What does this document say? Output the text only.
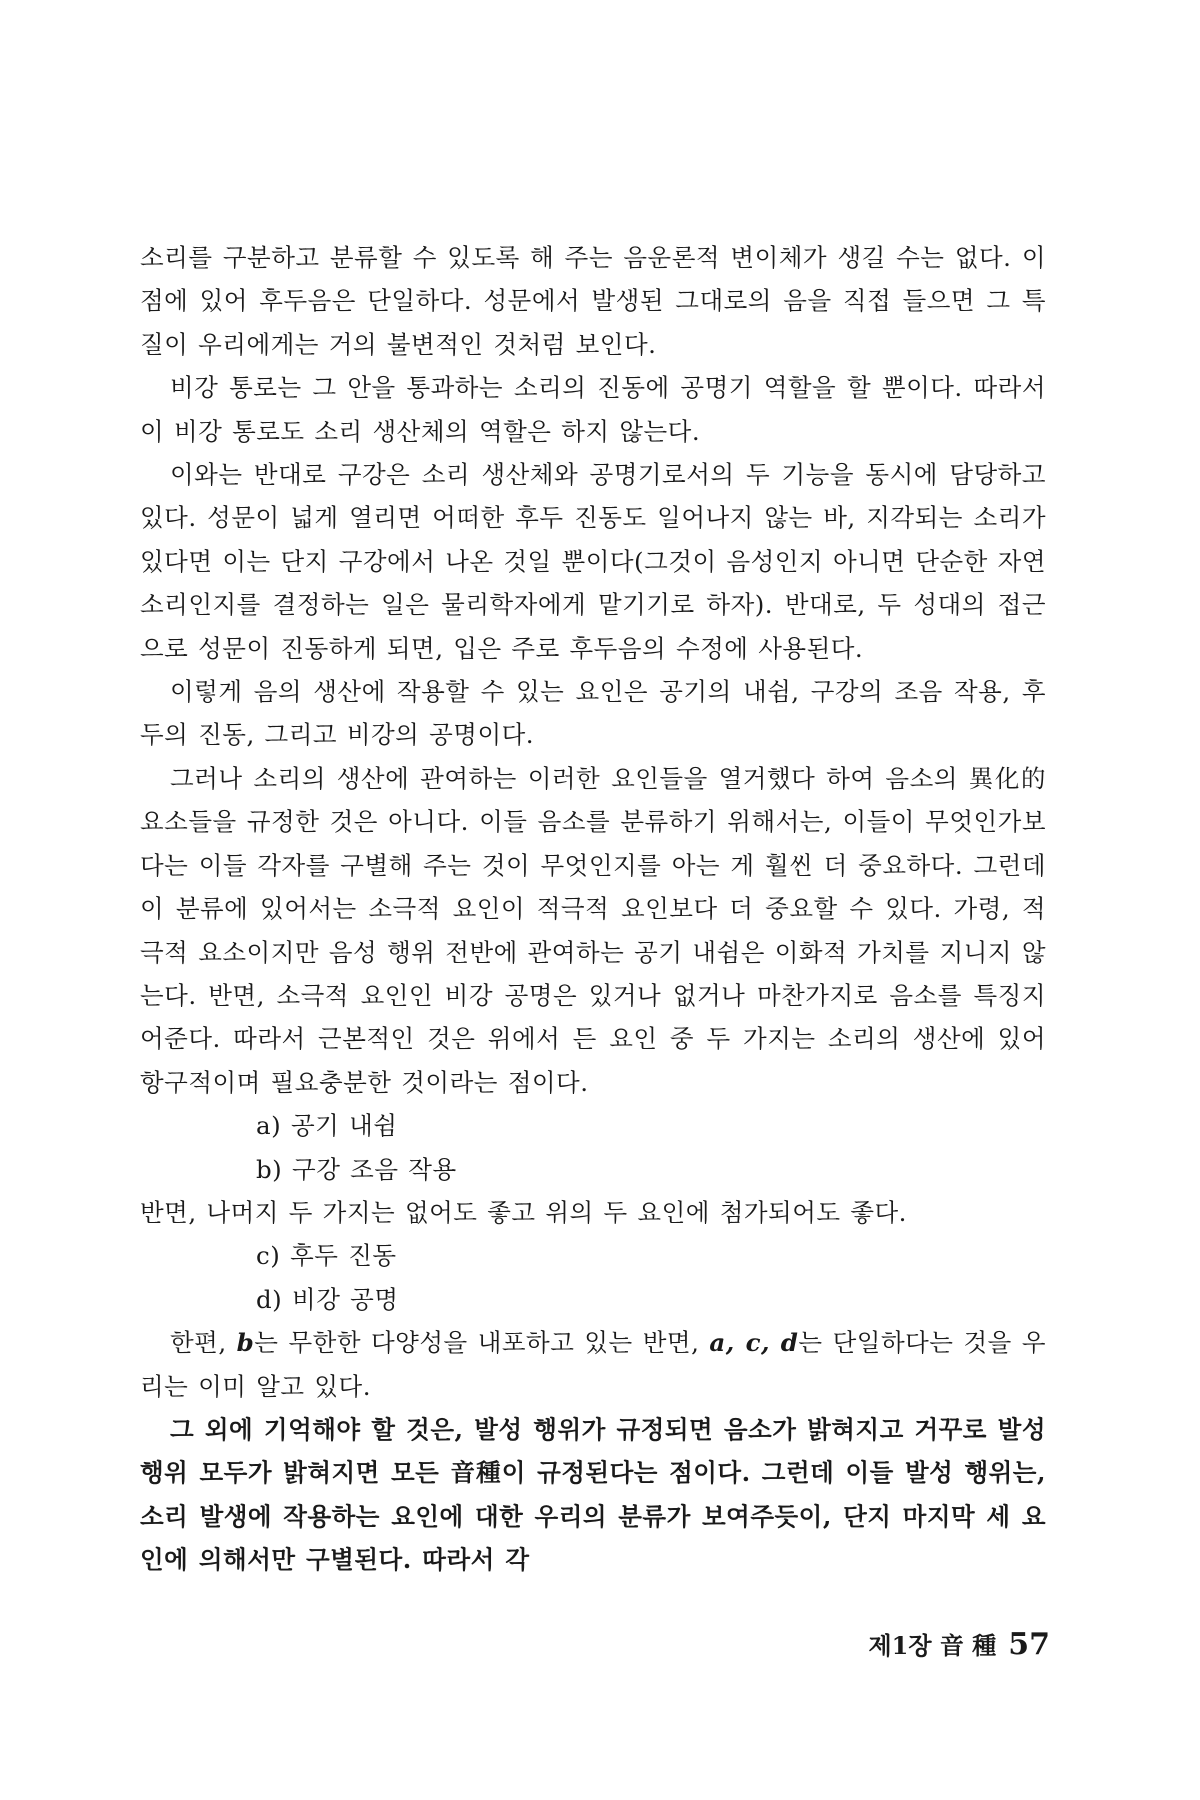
소리를 구분하고 분류할 수 있도록 해 주는 음운론적 변이체가 생길 수는 없다. 이 점에 있어 후두음은 단일하다. 성문에서 발생된 그대로의 음을 직접 들으면 그 특질이 우리에게는 거의 불변적인 것처럼 보인다.

비강 통로는 그 안을 통과하는 소리의 진동에 공명기 역할을 할 뿐이다. 따라서 이 비강 통로도 소리 생산체의 역할은 하지 않는다.

이와는 반대로 구강은 소리 생산체와 공명기로서의 두 기능을 동시에 담당하고 있다. 성문이 넓게 열리면 어떠한 후두 진동도 일어나지 않는 바, 지각되는 소리가 있다면 이는 단지 구강에서 나온 것일 뿐이다(그것이 음성인지 아니면 단순한 자연 소리인지를 결정하는 일은 물리학자에게 맡기기로 하자). 반대로, 두 성대의 접근으로 성문이 진동하게 되면, 입은 주로 후두음의 수정에 사용된다.

이렇게 음의 생산에 작용할 수 있는 요인은 공기의 내쉼, 구강의 조음 작용, 후두의 진동, 그리고 비강의 공명이다.

그러나 소리의 생산에 관여하는 이러한 요인들을 열거했다 하여 음소의 異化的 요소들을 규정한 것은 아니다. 이들 음소를 분류하기 위해서는, 이들이 무엇인가보다는 이들 각자를 구별해 주는 것이 무엇인지를 아는 게 훨씬 더 중요하다. 그런데 이 분류에 있어서는 소극적 요인이 적극적 요인보다 더 중요할 수 있다. 가령, 적극적 요소이지만 음성 행위 전반에 관여하는 공기 내쉼은 이화적 가치를 지니지 않는다. 반면, 소극적 요인인 비강 공명은 있거나 없거나 마찬가지로 음소를 특징지어준다. 따라서 근본적인 것은 위에서 든 요인 중 두 가지는 소리의 생산에 있어 항구적이며 필요충분한 것이라는 점이다.

a) 공기 내쉼

b) 구강 조음 작용

반면, 나머지 두 가지는 없어도 좋고 위의 두 요인에 첨가되어도 좋다.

c) 후두 진동

d) 비강 공명

한편, b는 무한한 다양성을 내포하고 있는 반면, a, c, d는 단일하다는 것을 우리는 이미 알고 있다.

그 외에 기억해야 할 것은, 발성 행위가 규정되면 음소가 밝혀지고 거꾸로 발성 행위 모두가 밝혀지면 모든 音種이 규정된다는 점이다. 그런데 이들 발성 행위는, 소리 발생에 작용하는 요인에 대한 우리의 분류가 보여주듯이, 단지 마지막 세 요인에 의해서만 구별된다. 따라서 각

제1장 音 種 57
